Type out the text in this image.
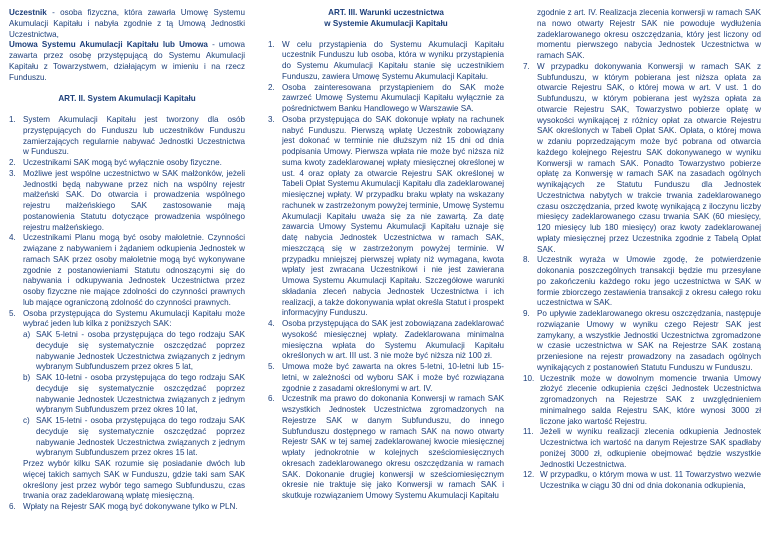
Uczestnik - osoba fizyczna, która zawarła Umowę Systemu Akumulacji Kapitału i nabyła zgodnie z tą Umową Jednostki Uczestnictwa,

Umowa Systemu Akumulacji Kapitału lub Umowa - umowa zawarta przez osobę przystępującą do Systemu Akumulacji Kapitału z Towarzystwem, działającym w imieniu i na rzecz Funduszu.

ART. II. System Akumulacji Kapitału

1. System Akumulacji Kapitału jest tworzony dla osób przystępujących do Funduszu lub uczestników Funduszu zamierzających regularnie nabywać Jednostki Uczestnictwa w Funduszu.
2. Uczestnikami SAK mogą być wyłącznie osoby fizyczne.
3. Możliwe jest wspólne uczestnictwo w SAK małżonków, jeżeli Jednostki będą nabywane przez nich na wspólny rejestr małżeński SAK. Do otwarcia i prowadzenia wspólnego rejestru małżeńskiego SAK zastosowanie mają postanowienia Statutu dotyczące prowadzenia wspólnego rejestru małżeńskiego.
4. Uczestnikami Planu mogą być osoby małoletnie. Czynności związane z nabywaniem i żądaniem odkupienia Jednostek w ramach SAK przez osoby małoletnie mogą być wykonywane zgodnie z postanowieniami Statutu odnoszącymi się do nabywania i odkupywania Jednostek Uczestnictwa przez osoby fizyczne nie mające zdolności do czynności prawnych lub mające ograniczoną zdolność do czynności prawnych.
5. Osoba przystępująca do Systemu Akumulacji Kapitału może wybrać jeden lub kilka z poniższych SAK:
a) SAK 5-letni - osoba przystępująca do tego rodzaju SAK decyduje się systematycznie oszczędzać poprzez nabywanie Jednostek Uczestnictwa związanych z jednym wybranym Subfunduszem przez okres 5 lat,
b) SAK 10-letni - osoba przystępująca do tego rodzaju SAK decyduje się systematycznie oszczędzać poprzez nabywanie Jednostek Uczestnictwa związanych z jednym wybranym Subfunduszem przez okres 10 lat,
c) SAK 15-letni - osoba przystępująca do tego rodzaju SAK decyduje się systematycznie oszczędzać poprzez nabywanie Jednostek Uczestnictwa związanych z jednym wybranym Subfunduszem przez okres 15 lat.

Przez wybór kilku SAK rozumie się posiadanie dwóch lub więcej takich samych SAK w Funduszu, gdzie taki sam SAK określony jest przez wybór tego samego Subfunduszu, czas trwania oraz zadeklarowaną wpłatę miesięczną.

6. Wpłaty na Rejestr SAK mogą być dokonywane tylko w PLN.

ART. III. Warunki uczestnictwa

w Systemie Akumulacji Kapitału

1. W celu przystąpienia do Systemu Akumulacji Kapitału uczestnik Funduszu lub osoba, która w wyniku przystąpienia do Systemu Akumulacji Kapitału stanie się uczestnikiem Funduszu, zawiera Umowę Systemu Akumulacji Kapitału.
2. Osoba zainteresowana przystąpieniem do SAK może zawrzeć Umowę Systemu Akumulacji Kapitału wyłącznie za pośrednictwem Banku Handlowego w Warszawie SA.
3. Osoba przystępująca do SAK dokonuje wpłaty na rachunek nabyć Funduszu. Pierwszą wpłatę Uczestnik zobowiązany jest dokonać w terminie nie dłuższym niż 15 dni od dnia podpisania Umowy. Pierwsza wpłata nie może być niższa niż suma kwoty zadeklarowanej wpłaty miesięcznej określonej w ust. 4 oraz opłaty za otwarcie Rejestru SAK określonej w Tabeli Opłat Systemu Akumulacji Kapitału dla zadeklarowanej miesięcznej wpłaty. W przypadku braku wpłaty na wskazany rachunek w zastrzeżonym powyżej terminie, Umowę Systemu Akumulacji Kapitału uważa się za nie zawartą. Za datę zawarcia Umowy Systemu Akumulacji Kapitału uznaje się datę nabycia Jednostek Uczestnictwa w ramach SAK, mieszczącą się w zastrzeżonym powyżej terminie. W przypadku mniejszej pierwszej wpłaty niż wymagana, kwota wpłaty jest zwracana Uczestnikowi i nie jest zawierana Umowa Systemu Akumulacji Kapitału. Szczegółowe warunki składania zleceń nabycia Jednostek Uczestnictwa i ich realizacji, a także dokonywania wpłat określa Statut i prospekt informacyjny Funduszu.
4. Osoba przystępująca do SAK jest zobowiązana zadeklarować wysokość miesięcznej wpłaty. Zadeklarowana minimalna miesięczna wpłata do Systemu Akumulacji Kapitału określonych w art. III ust. 3 nie może być niższa niż 100 zł.
5. Umowa może być zawarta na okres 5-letni, 10-letni lub 15-letni, w zależności od wyboru SAK i może być rozwiązana zgodnie z zasadami określonymi w art. IV.
6. Uczestnik ma prawo do dokonania Konwersji w ramach SAK wszystkich Jednostek Uczestnictwa zgromadzonych na Rejestrze SAK w danym Subfunduszu, do innego Subfunduszu dostępnego w ramach SAK na nowo otwarty Rejestr SAK w tej samej zadeklarowanej kwocie miesięcznej wpłaty jednokrotnie w kolejnych sześciomiesięcznych okresach zadeklarowanego okresu oszczędzania w ramach SAK. Dokonanie drugiej konwersji w sześciomiesięcznym okresie nie traktuje się jako Konwersji w ramach SAK i skutkuje rozwiązaniem Umowy Systemu Akumulacji Kapitału

zgodnie z art. IV. Realizacja zlecenia konwersji w ramach SAK na nowo otwarty Rejestr SAK nie powoduje wydłużenia zadeklarowanego okresu oszczędzania, który jest liczony od momentu pierwszego nabycia Jednostek Uczestnictwa w ramach SAK.

7. W przypadku dokonywania Konwersji w ramach SAK z Subfunduszu, w którym pobierana jest niższa opłata za otwarcie Rejestru SAK, o której mowa w art. V ust. 1 do Subfunduszu, w którym pobierana jest wyższa opłata za otwarcie Rejestru SAK, Towarzystwo pobierze opłatę w wysokości wynikającej z różnicy opłat za otwarcie Rejestru SAK określonych w Tabeli Opłat SAK. Opłata, o której mowa w zdaniu poprzedzającym może być pobrana od otwarcia każdego kolejnego Rejestru SAK dokonywanego w wyniku Konwersji w ramach SAK. Ponadto Towarzystwo pobierze opłatę za Konwersję w ramach SAK na zasadach ogólnych wynikających ze Statutu Funduszu dla Jednostek Uczestnictwa nabytych w trakcie trwania zadeklarowanego czasu oszczędzania, przed kwotę wynikającą z iloczynu liczby miesięcy zadeklarowanego czasu trwania SAK (60 miesięcy, 120 miesięcy lub 180 miesięcy) oraz kwoty zadeklarowanej wpłaty miesięcznej przez Uczestnika zgodnie z Tabelą Opłat SAK.
8. Uczestnik wyraża w Umowie zgodę, że potwierdzenie dokonania poszczególnych transakcji będzie mu przesyłane po zakończeniu każdego roku jego uczestnictwa w SAK w formie zbiorczego zestawienia transakcji z okresu całego roku uczestnictwa w SAK.
9. Po upływie zadeklarowanego okresu oszczędzania, następuje rozwiązanie Umowy w wyniku czego Rejestr SAK jest zamykany, a wszystkie Jednostki Uczestnictwa zgromadzone w czasie uczestnictwa w SAK na Rejestrze SAK zostaną przeniesione na rejestr prowadzony na zasadach ogólnych wynikających z postanowień Statutu Funduszu w Funduszu.
10. Uczestnik może w dowolnym momencie trwania Umowy złożyć zlecenie odkupienia części Jednostek Uczestnictwa zgromadzonych na Rejestrze SAK z uwzględnieniem minimalnego salda Rejestru SAK, które wynosi 3000 zł liczone jako wartość Rejestru.
11. Jeżeli w wyniku realizacji zlecenia odkupienia Jednostek Uczestnictwa ich wartość na danym Rejestrze SAK spadłaby poniżej 3000 zł, odkupienie obejmować będzie wszystkie Jednostki Uczestnictwa.
12. W przypadku, o którym mowa w ust. 11 Towarzystwo wezwie Uczestnika w ciągu 30 dni od dnia dokonania odkupienia,
